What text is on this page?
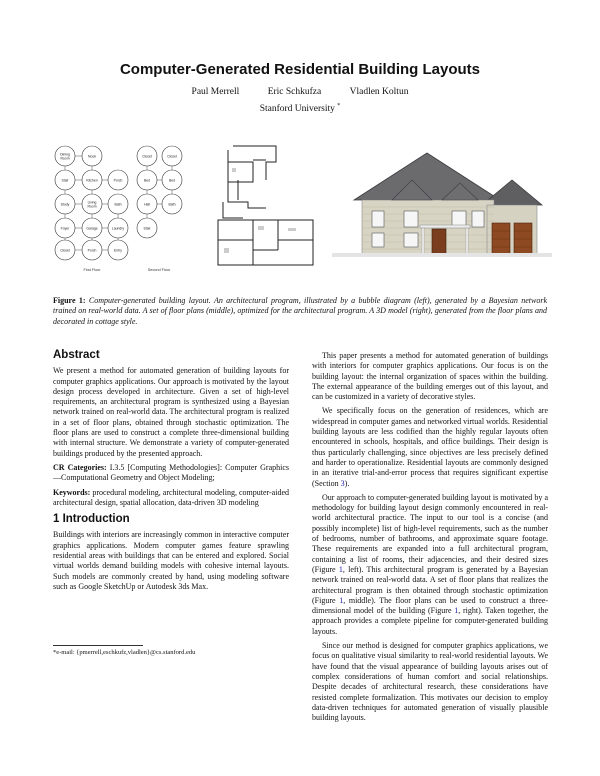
Computer-Generated Residential Building Layouts
Paul Merrell	Eric Schkufza	Vladlen Koltun
Stanford University *
Dining
Room
Stair
Study
Foyer
Closet
Living
Room
Kitchen
Garage
Porch
Nook
Porch
Laundry
Bath
Entry
Closet	Closet
Bed	Bed
Hall	Bath
Stair
First Floor	Second Floor
Figure 1: Computer-generated building layout. An architectural program, illustrated by a bubble diagram (left), generated by a Bayesian network trained on real-world data. A set of floor plans (middle), optimized for the architectural program. A 3D model (right), generated from the floor plans and decorated in cottage style.
Abstract

We present a method for automated generation of building layouts for computer graphics applications. Our approach is motivated by the layout design process developed in architecture. Given a set of high-level requirements, an architectural program is synthesized using a Bayesian network trained on real-world data. The architectural program is realized in a set of floor plans, obtained through stochastic optimization. The floor plans are used to construct a complete three-dimensional building with internal structure. We demonstrate a variety of computer-generated buildings produced by the presented approach.

CR Categories: I.3.5 [Computing Methodologies]: Computer Graphics—Computational Geometry and Object Modeling;

Keywords: procedural modeling, architectural modeling, computer-aided architectural design, spatial allocation, data-driven 3D modeling

1 Introduction

Buildings with interiors are increasingly common in interactive computer graphics applications. Modern computer games feature sprawling residential areas with buildings that can be entered and explored. Social virtual worlds demand building models with cohesive internal layouts. Such models are commonly created by hand, using modeling software such as Google SketchUp or Autodesk 3ds Max.

*e-mail: {pmerrell,eschkufz,vladlen}@cs.stanford.edu

This paper presents a method for automated generation of buildings with interiors for computer graphics applications. Our focus is on the building layout: the internal organization of spaces within the building. The external appearance of the building emerges out of this layout, and can be customized in a variety of decorative styles.

We specifically focus on the generation of residences, which are widespread in computer games and networked virtual worlds. Residential building layouts are less codified than the highly regular layouts often encountered in schools, hospitals, and office buildings. Their design is thus particularly challenging, since objectives are less precisely defined and harder to operationalize. Residential layouts are commonly designed in an iterative trial-and-error process that requires significant expertise (Section 3).

Our approach to computer-generated building layout is motivated by a methodology for building layout design commonly encountered in real-world architectural practice. The input to our tool is a concise (and possibly incomplete) list of high-level requirements, such as the number of bedrooms, number of bathrooms, and approximate square footage. These requirements are expanded into a full architectural program, containing a list of rooms, their adjacencies, and their desired sizes (Figure 1, left). This architectural program is generated by a Bayesian network trained on real-world data. A set of floor plans that realizes the architectural program is then obtained through stochastic optimization (Figure 1, middle). The floor plans can be used to construct a three-dimensional model of the building (Figure 1, right). Taken together, the approach provides a complete pipeline for computer-generated building layouts.

Since our method is designed for computer graphics applications, we focus on qualitative visual similarity to real-world residential layouts. We have found that the visual appearance of building layouts arises out of complex considerations of human comfort and social relationships. Despite decades of architectural research, these considerations have resisted complete formalization. This motivates our decision to employ data-driven techniques for automated generation of visually plausible building layouts.
